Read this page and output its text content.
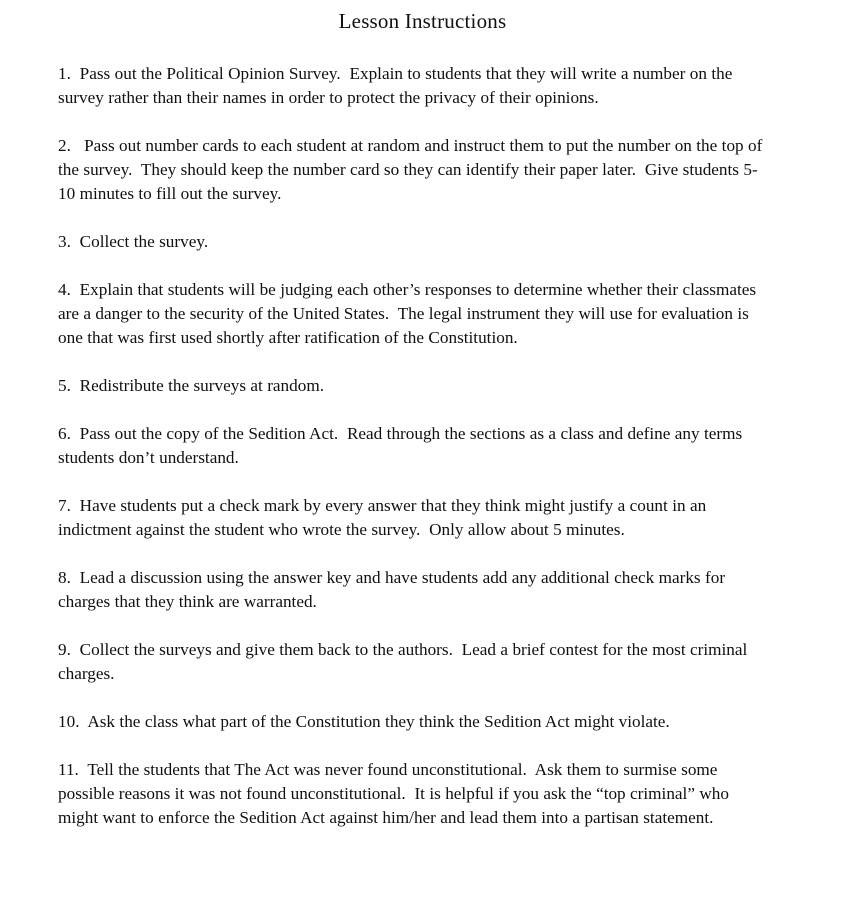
Lesson Instructions
1.  Pass out the Political Opinion Survey.  Explain to students that they will write a number on the survey rather than their names in order to protect the privacy of their opinions.
2.   Pass out number cards to each student at random and instruct them to put the number on the top of the survey.  They should keep the number card so they can identify their paper later.  Give students 5-10 minutes to fill out the survey.
3.  Collect the survey.
4.  Explain that students will be judging each other’s responses to determine whether their classmates are a danger to the security of the United States.  The legal instrument they will use for evaluation is one that was first used shortly after ratification of the Constitution.
5.  Redistribute the surveys at random.
6.  Pass out the copy of the Sedition Act.  Read through the sections as a class and define any terms students don’t understand.
7.  Have students put a check mark by every answer that they think might justify a count in an indictment against the student who wrote the survey.  Only allow about 5 minutes.
8.  Lead a discussion using the answer key and have students add any additional check marks for charges that they think are warranted.
9.  Collect the surveys and give them back to the authors.  Lead a brief contest for the most criminal charges.
10.  Ask the class what part of the Constitution they think the Sedition Act might violate.
11.  Tell the students that The Act was never found unconstitutional.  Ask them to surmise some possible reasons it was not found unconstitutional.  It is helpful if you ask the “top criminal” who might want to enforce the Sedition Act against him/her and lead them into a partisan statement.
